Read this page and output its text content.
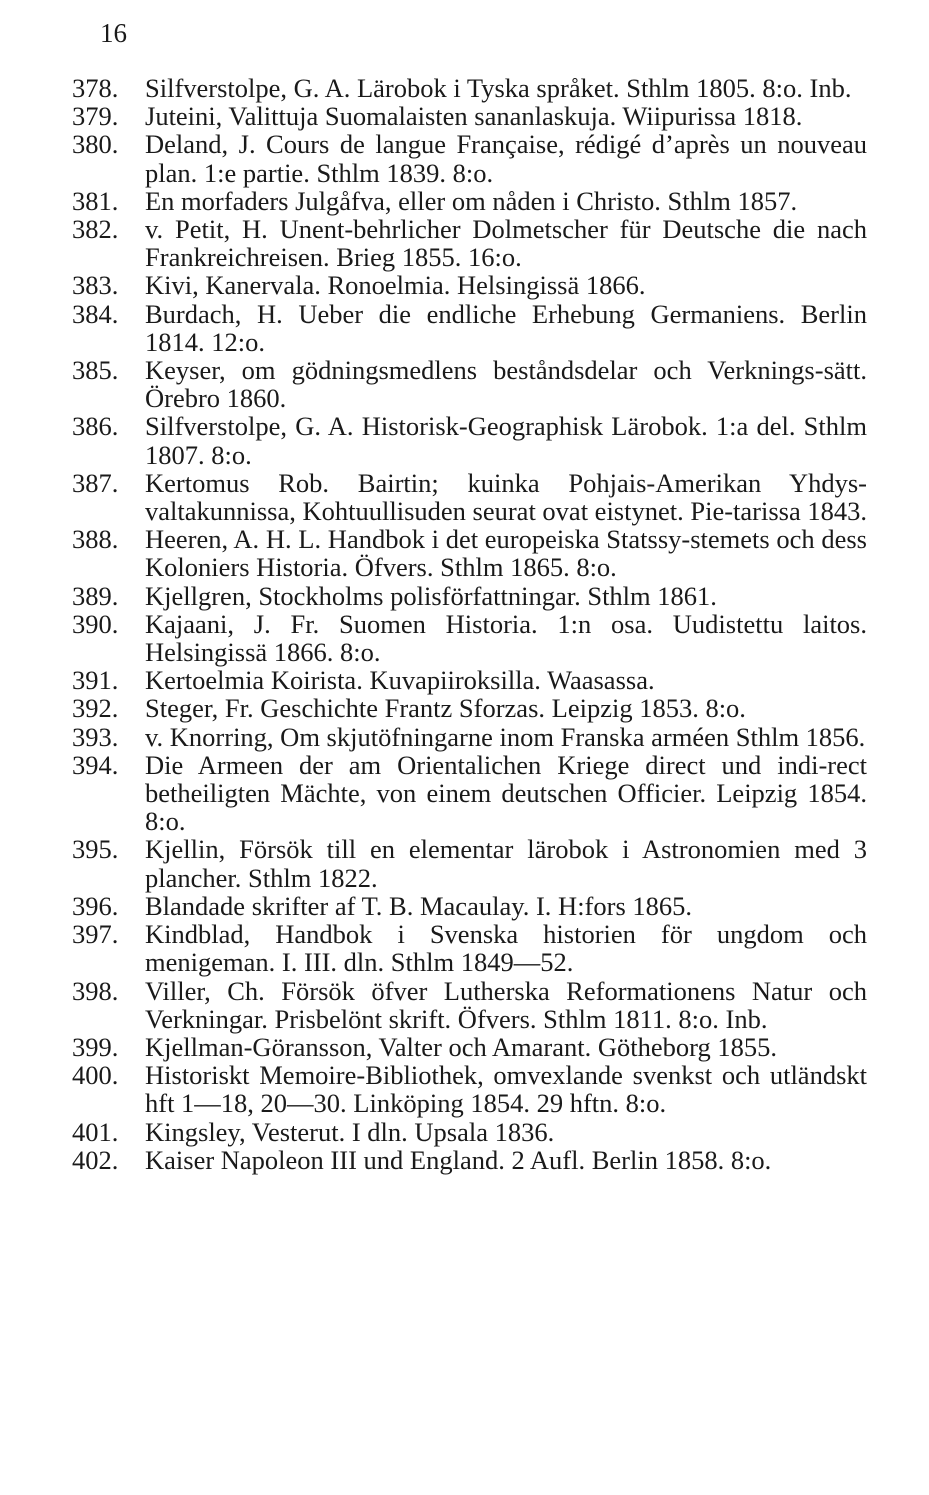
16
378.	Silfverstolpe, G. A. Lärobok i Tyska språket. Sthlm 1805. 8:o. Inb.
379.	Juteini, Valittuja Suomalaisten sananlaskuja. Wiipurissa 1818.
380.	Deland, J. Cours de langue Française, rédigé d’après un nouveau plan. 1:e partie. Sthlm 1839. 8:o.
381.	En morfaders Julgåfva, eller om nåden i Christo. Sthlm 1857.
382.	v. Petit, H. Unent-behrlicher Dolmetscher für Deutsche die nach Frankreichreisen. Brieg 1855. 16:o.
383.	Kivi, Kanervala. Ronoelmia. Helsingissä 1866.
384.	Burdach, H. Ueber die endliche Erhebung Germaniens. Berlin 1814. 12:o.
385.	Keyser, om gödningsmedlens beståndsdelar och Verknings-sätt. Örebro 1860.
386.	Silfverstolpe, G. A. Historisk-Geographisk Lärobok. 1:a del. Sthlm 1807. 8:o.
387.	Kertomus Rob. Bairtin; kuinka Pohjais-Amerikan Yhdys-valtakunnissa, Kohtuullisuden seurat ovat eistynet. Pie-tarissa 1843.
388.	Heeren, A. H. L. Handbok i det europeiska Statssy-stemets och dess Koloniers Historia. Öfvers. Sthlm 1865. 8:o.
389.	Kjellgren, Stockholms polisförfattningar. Sthlm 1861.
390.	Kajaani, J. Fr. Suomen Historia. 1:n osa. Uudistettu laitos. Helsingissä 1866. 8:o.
391.	Kertoelmia Koirista. Kuvapiiroksilla. Waasassa.
392.	Steger, Fr. Geschichte Frantz Sforzas. Leipzig 1853. 8:o.
393.	v. Knorring, Om skjutöfningarne inom Franska arméen Sthlm 1856.
394.	Die Armeen der am Orientalichen Kriege direct und indi-rect betheiligten Mächte, von einem deutschen Officier. Leipzig 1854. 8:o.
395.	Kjellin, Försök till en elementar lärobok i Astronomien med 3 plancher. Sthlm 1822.
396.	Blandade skrifter af T. B. Macaulay. I. H:fors 1865.
397.	Kindblad, Handbok i Svenska historien för ungdom och menigeman. I. III. dln. Sthlm 1849—52.
398.	Viller, Ch. Försök öfver Lutherska Reformationens Natur och Verkningar. Prisbelönt skrift. Öfvers. Sthlm 1811. 8:o. Inb.
399.	Kjellman-Göransson, Valter och Amarant. Götheborg 1855.
400.	Historiskt Memoire-Bibliothek, omvexlande svenkst och utländskt hft 1—18, 20—30. Linköping 1854. 29 hftn. 8:o.
401.	Kingsley, Vesterut. I dln. Upsala 1836.
402.	Kaiser Napoleon III und England. 2 Aufl. Berlin 1858. 8:o.
